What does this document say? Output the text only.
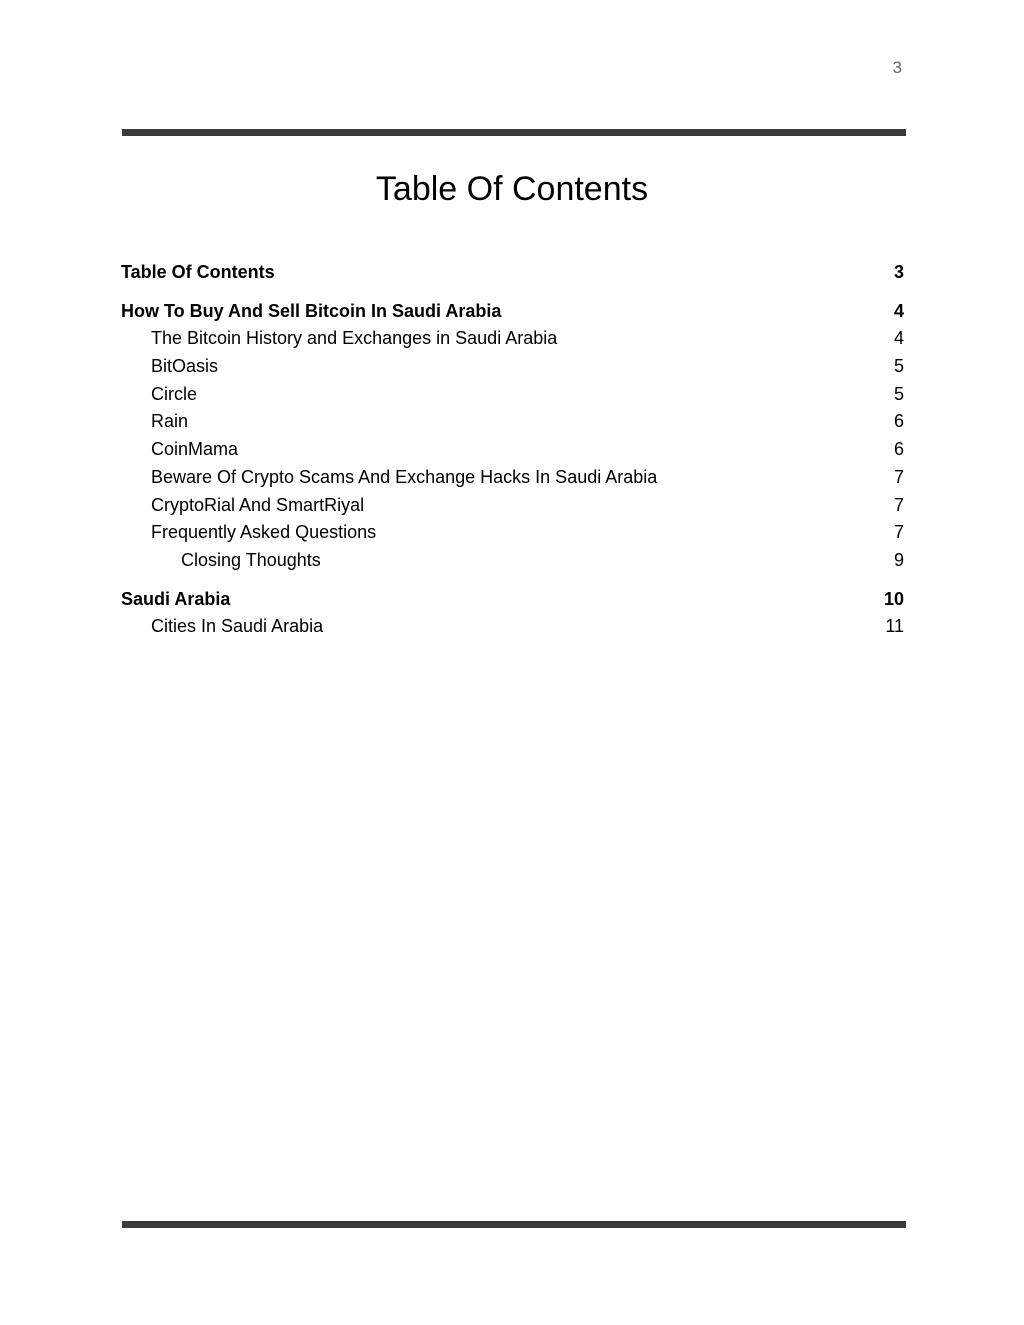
3
Table Of Contents
Table Of Contents	3
How To Buy And Sell Bitcoin In Saudi Arabia	4
The Bitcoin History and Exchanges in Saudi Arabia	4
BitOasis	5
Circle	5
Rain	6
CoinMama	6
Beware Of Crypto Scams And Exchange Hacks In Saudi Arabia	7
CryptoRial And SmartRiyal	7
Frequently Asked Questions	7
Closing Thoughts	9
Saudi Arabia	10
Cities In Saudi Arabia	11
